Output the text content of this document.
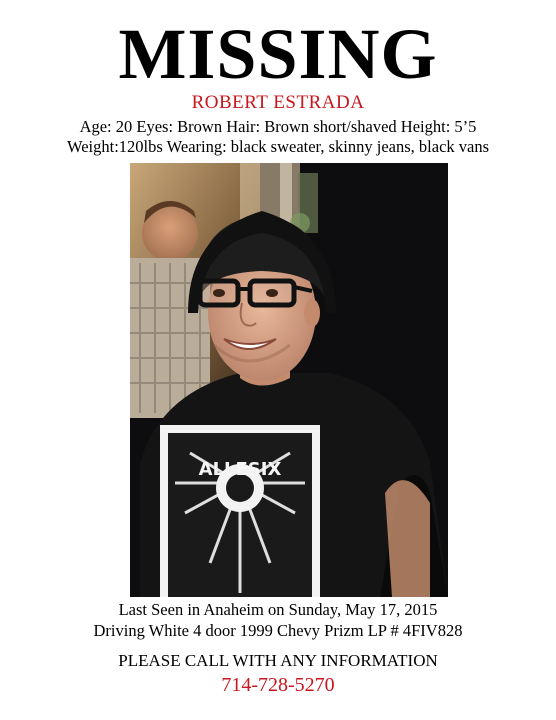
MISSING
ROBERT ESTRADA
Age: 20 Eyes: Brown Hair: Brown short/shaved Height: 5’5
Weight:120lbs Wearing: black sweater, skinny jeans, black vans
ALLESIX
Last Seen in Anaheim on Sunday, May 17, 2015
Driving White 4 door 1999 Chevy Prizm LP # 4FIV828
PLEASE CALL WITH ANY INFORMATION
714-728-5270
